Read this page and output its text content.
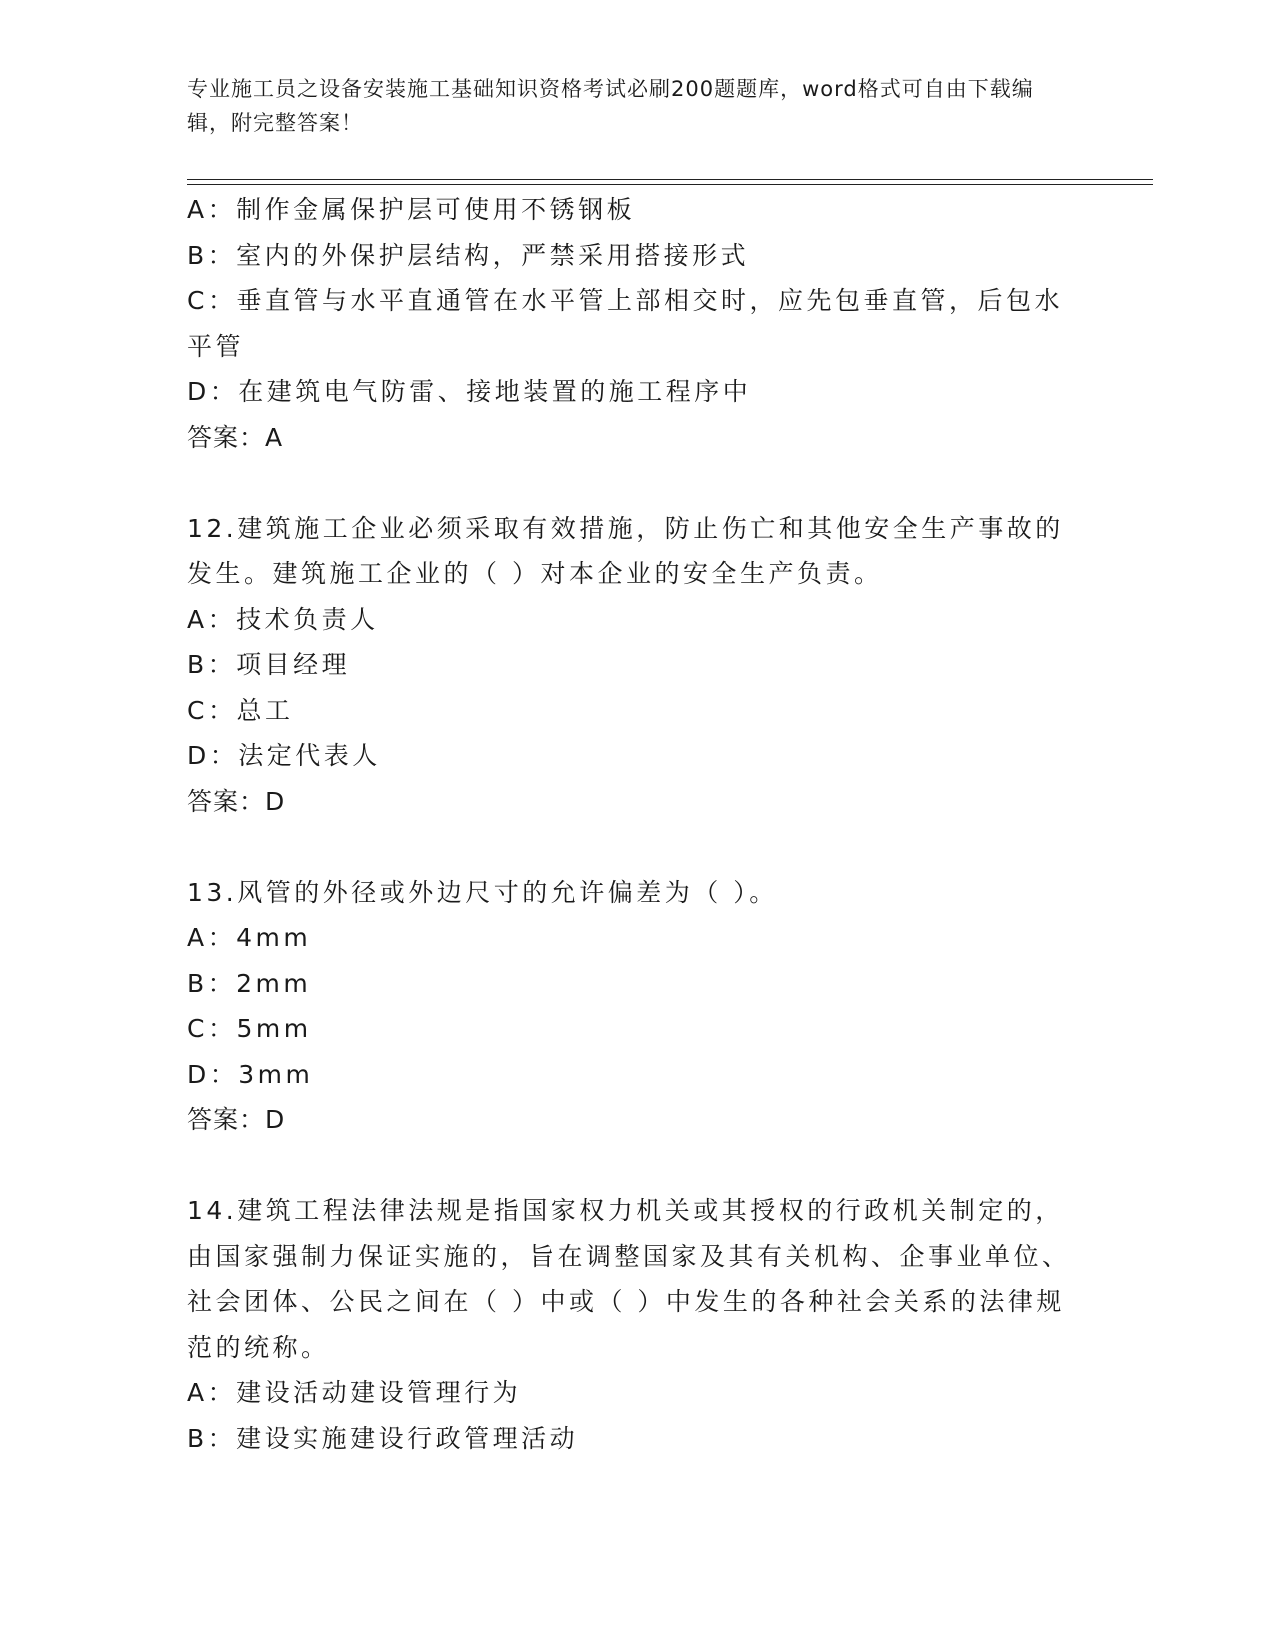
专业施工员之设备安装施工基础知识资格考试必刷200题题库，word格式可自由下载编辑，附完整答案！
A：制作金属保护层可使用不锈钢板
B：室内的外保护层结构，严禁采用搭接形式
C：垂直管与水平直通管在水平管上部相交时，应先包垂直管，后包水平管
D：在建筑电气防雷、接地装置的施工程序中
答案：A
12.建筑施工企业必须采取有效措施，防止伤亡和其他安全生产事故的发生。建筑施工企业的（ ）对本企业的安全生产负责。
A：技术负责人
B：项目经理
C：总工
D：法定代表人
答案：D
13.风管的外径或外边尺寸的允许偏差为（ ）。
A：4mm
B：2mm
C：5mm
D：3mm
答案：D
14.建筑工程法律法规是指国家权力机关或其授权的行政机关制定的，由国家强制力保证实施的，旨在调整国家及其有关机构、企事业单位、社会团体、公民之间在（ ）中或（ ）中发生的各种社会关系的法律规范的统称。
A：建设活动建设管理行为
B：建设实施建设行政管理活动
